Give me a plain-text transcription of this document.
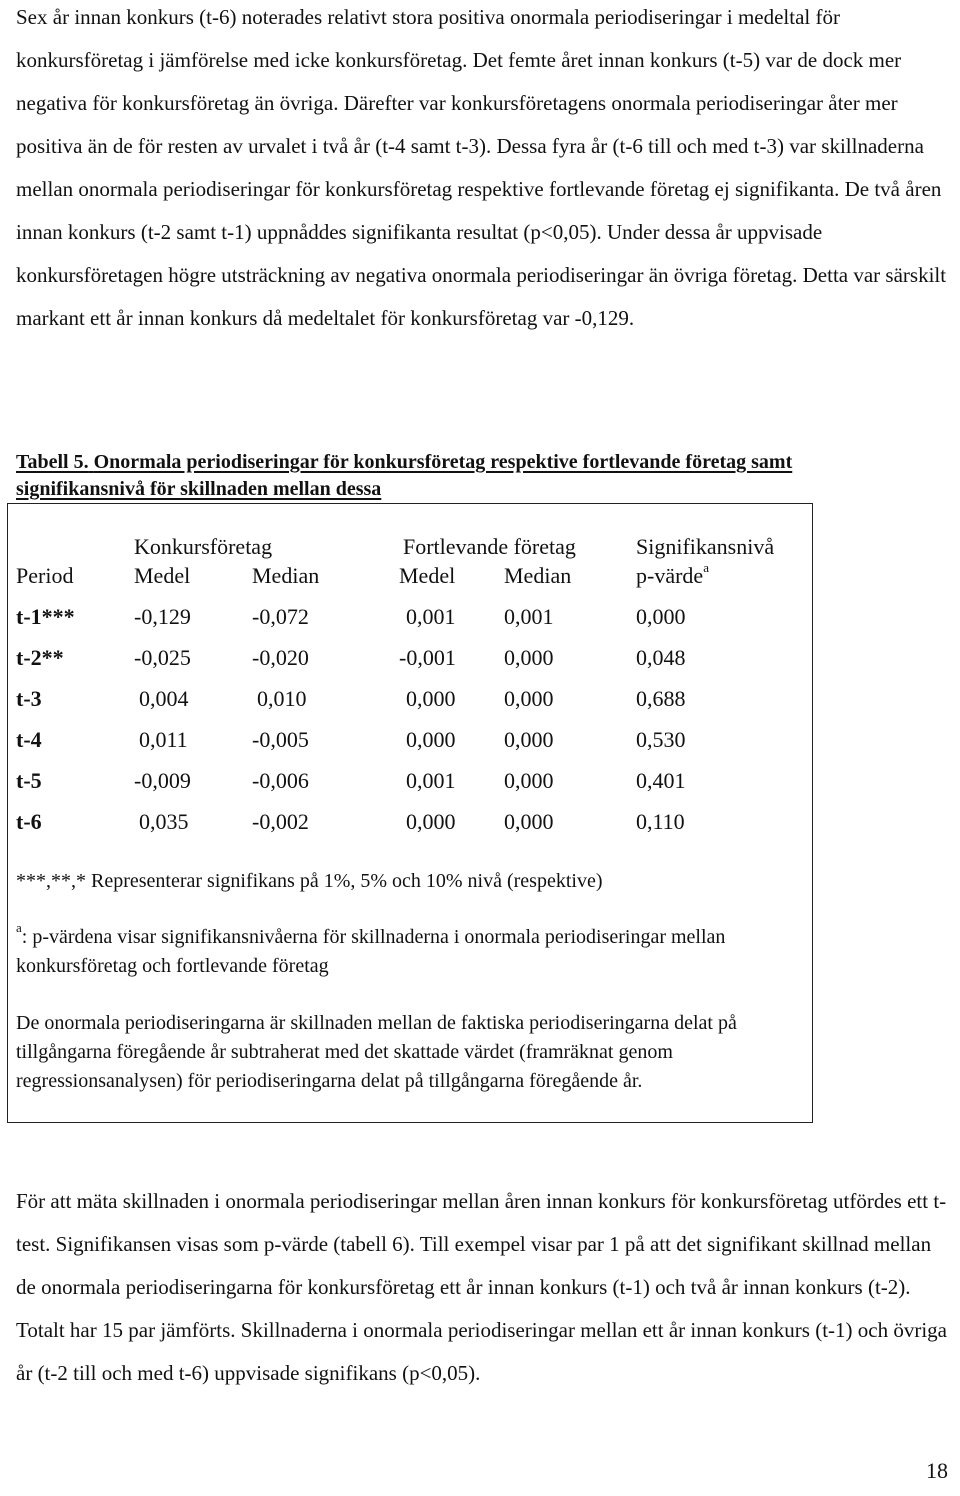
Sex år innan konkurs (t-6) noterades relativt stora positiva onormala periodiseringar i medeltal för konkursföretag i jämförelse med icke konkursföretag. Det femte året innan konkurs (t-5) var de dock mer negativa för konkursföretag än övriga. Därefter var konkursföretagens onormala periodiseringar åter mer positiva än de för resten av urvalet i två år (t-4 samt t-3). Dessa fyra år (t-6 till och med t-3) var skillnaderna mellan onormala periodiseringar för konkursföretag respektive fortlevande företag ej signifikanta. De två åren innan konkurs (t-2 samt t-1) uppnåddes signifikanta resultat (p<0,05). Under dessa år uppvisade konkursföretagen högre utsträckning av negativa onormala periodiseringar än övriga företag. Detta var särskilt markant ett år innan konkurs då medeltalet för konkursföretag var -0,129.

Tabell 5. Onormala periodiseringar för konkursföretag respektive fortlevande företag samt
signifikansnivå för skillnaden mellan dessa

Konkursföretag	Fortlevande företag	Signifikansnivå
Period	Medel	Median	Medel Median	p-värde$^a$
t-1***	-0,129	-0,072	0,001 0,001	0,000
t-2**	-0,025	-0,020	-0,001 0,000	0,048
t-3	0,004	0,010	0,000 0,000	0,688
t-4	0,011	-0,005	0,000 0,000	0,530
t-5	-0,009	-0,006	0,001 0,000	0,401
t-6	0,035	-0,002	0,000 0,000	0,110

***,**,* Representerar signifikans på 1%, 5% och 10% nivå (respektive)

$^a$: p-värdena visar signifikansnivåerna för skillnaderna i onormala periodiseringar mellan konkursföretag och fortlevande företag

De onormala periodiseringarna är skillnaden mellan de faktiska periodiseringarna delat på tillgångarna föregående år subtraherat med det skattade värdet (framräknat genom regressionsanalysen) för periodiseringarna delat på tillgångarna föregående år.

För att mäta skillnaden i onormala periodiseringar mellan åren innan konkurs för konkursföretag utfördes ett t-test. Signifikansen visas som p-värde (tabell 6). Till exempel visar par 1 på att det signifikant skillnad mellan de onormala periodiseringarna för konkursföretag ett år innan konkurs (t-1) och två år innan konkurs (t-2). Totalt har 15 par jämförts. Skillnaderna i onormala periodiseringar mellan ett år innan konkurs (t-1) och övriga år (t-2 till och med t-6) uppvisade signifikans (p<0,05).

18
